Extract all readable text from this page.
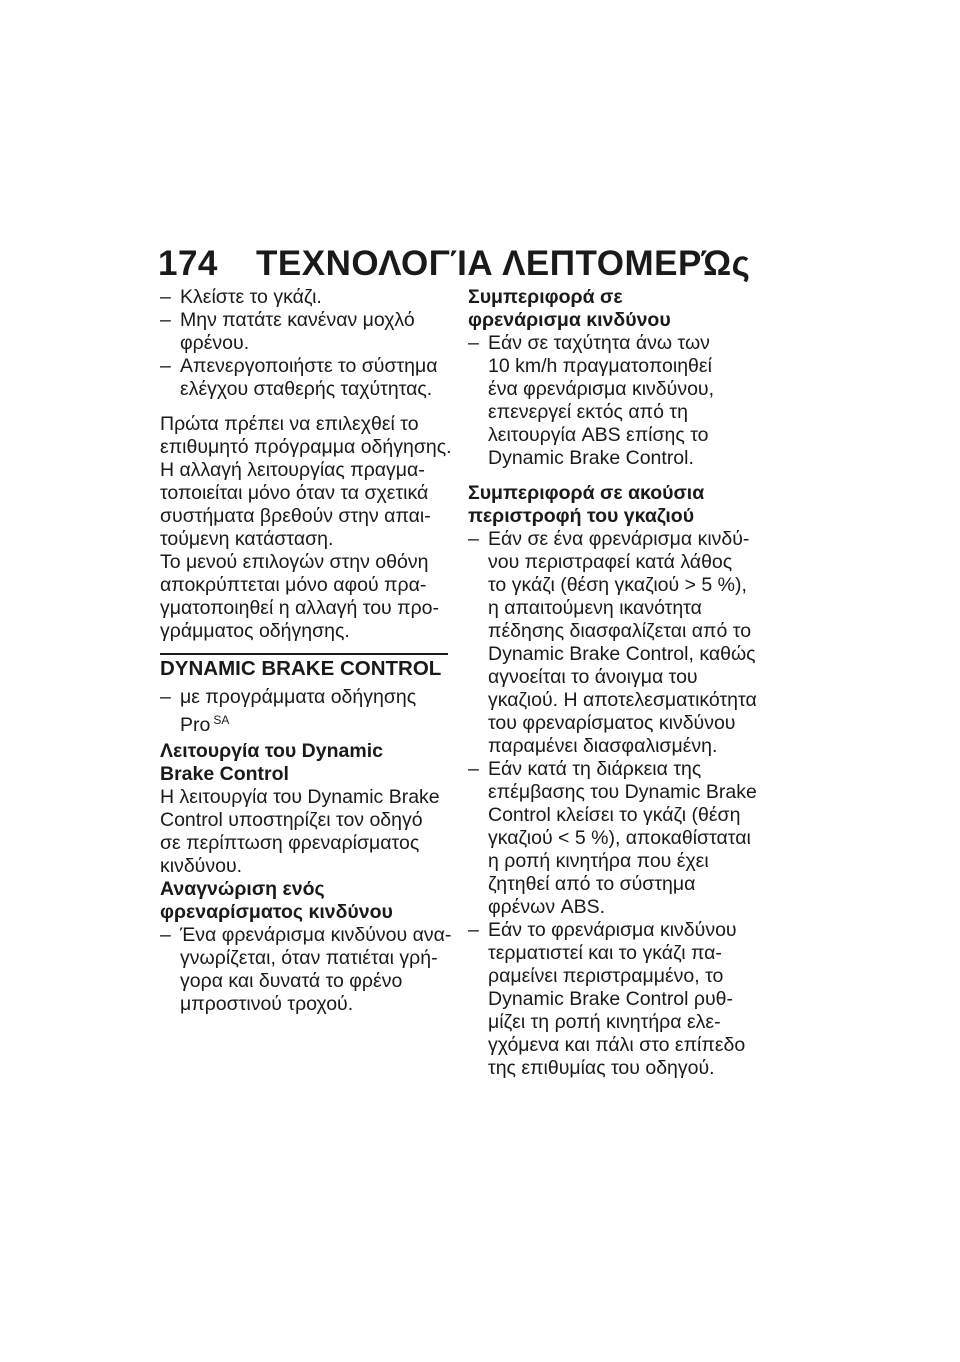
174 ΤΕΧΝΟΛΟΓΊΑ ΛΕΠΤΟΜΕΡΏς
– Κλείστε το γκάζι.
– Μην πατάτε κανέναν μοχλό
φρένου.
– Απενεργοποιήστε το σύστημα
ελέγχου σταθερής ταχύτητας.
Πρώτα πρέπει να επιλεχθεί το
επιθυμητό πρόγραμμα οδήγησης.
Η αλλαγή λειτουργίας πραγμα-
τοποιείται μόνο όταν τα σχετικά
συστήματα βρεθούν στην απαι-
τούμενη κατάσταση.
Το μενού επιλογών στην οθόνη
αποκρύπτεται μόνο αφού πρα-
γματοποιηθεί η αλλαγή του προ-
γράμματος οδήγησης.
DYNAMIC BRAKE CONTROL
– με προγράμματα οδήγησης
Pro $^{SA}$
Λειτουργία του Dynamic
Brake Control
Η λειτουργία του Dynamic Brake
Control υποστηρίζει τον οδηγό
σε περίπτωση φρεναρίσματος
κινδύνου.
Αναγνώριση ενός
φρεναρίσματος κινδύνου
– Ένα φρενάρισμα κινδύνου ανα-
γνωρίζεται, όταν πατιέται γρή-
γορα και δυνατά το φρένο
μπροστινού τροχού.
Συμπεριφορά σε
φρενάρισμα κινδύνου
– Εάν σε ταχύτητα άνω των
10 km/h πραγματοποιηθεί
ένα φρενάρισμα κινδύνου,
επενεργεί εκτός από τη
λειτουργία ABS επίσης το
Dynamic Brake Control.
Συμπεριφορά σε ακούσια
περιστροφή του γκαζιού
– Εάν σε ένα φρενάρισμα κινδύ-
νου περιστραφεί κατά λάθος
το γκάζι (θέση γκαζιού > 5 %),
η απαιτούμενη ικανότητα
πέδησης διασφαλίζεται από το
Dynamic Brake Control, καθώς
αγνοείται το άνοιγμα του
γκαζιού. Η αποτελεσματικότητα
του φρεναρίσματος κινδύνου
παραμένει διασφαλισμένη.
– Εάν κατά τη διάρκεια της
επέμβασης του Dynamic Brake
Control κλείσει το γκάζι (θέση
γκαζιού < 5 %), αποκαθίσταται
η ροπή κινητήρα που έχει
ζητηθεί από το σύστημα
φρένων ABS.
– Εάν το φρενάρισμα κινδύνου
τερματιστεί και το γκάζι πα-
ραμείνει περιστραμμένο, το
Dynamic Brake Control ρυθ-
μίζει τη ροπή κινητήρα ελε-
γχόμενα και πάλι στο επίπεδο
της επιθυμίας του οδηγού.
